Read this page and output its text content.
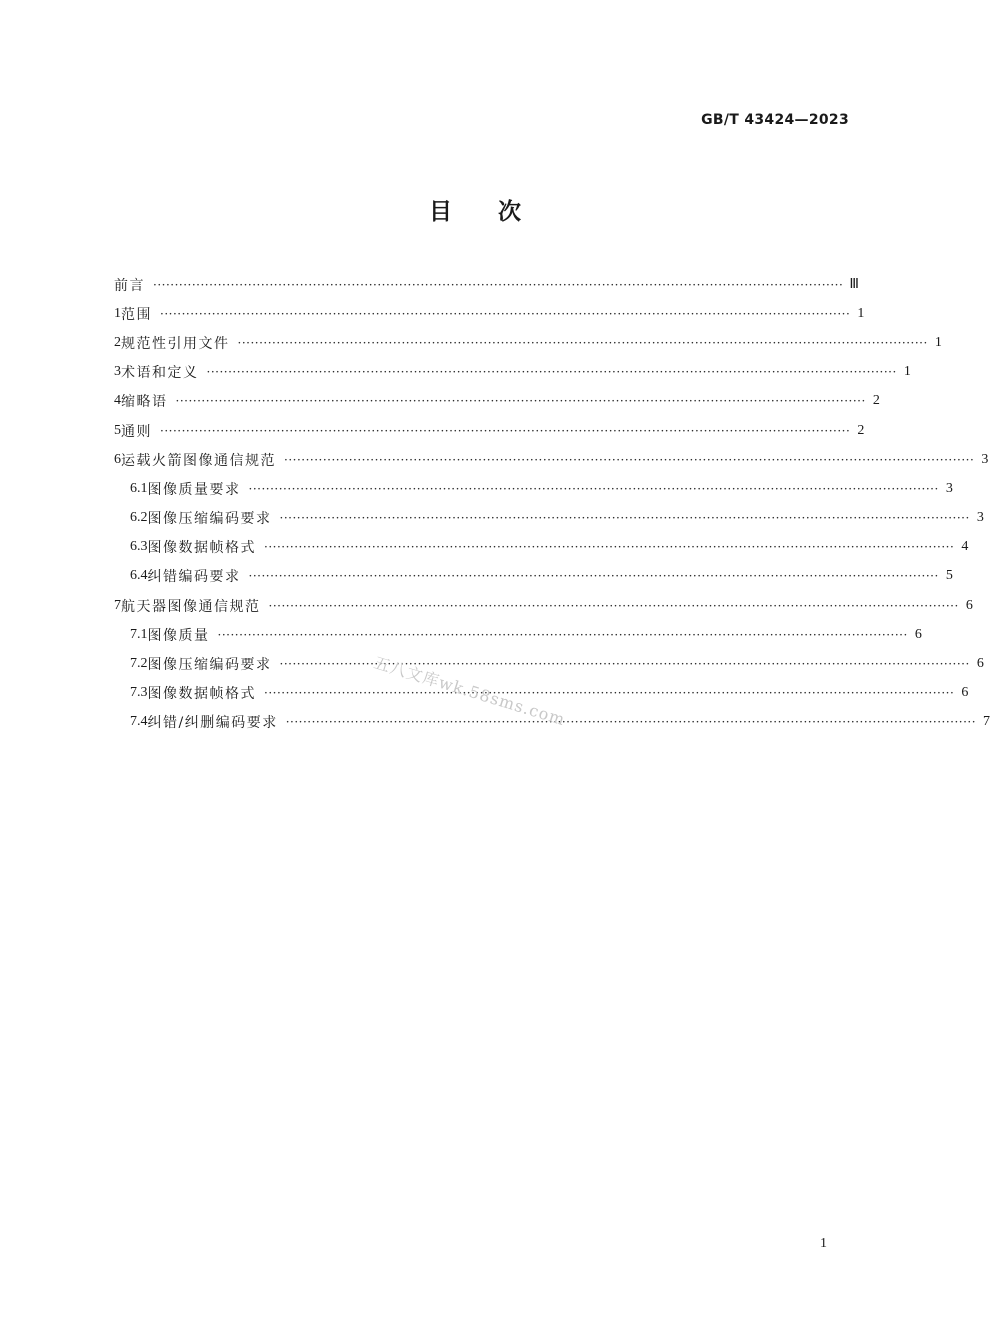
GB/T 43424—2023
目次
前言 ································································································································································ Ⅲ
1 范围 ································································································································································ 1
2 规范性引用文件 ································································································································································ 1
3 术语和定义 ································································································································································ 1
4 缩略语 ································································································································································ 2
5 通则 ································································································································································ 2
6 运载火箭图像通信规范 ································································································································································ 3
6.1 图像质量要求 ································································································································································ 3
6.2 图像压缩编码要求 ································································································································································ 3
6.3 图像数据帧格式 ································································································································································ 4
6.4 纠错编码要求 ································································································································································ 5
7 航天器图像通信规范 ································································································································································ 6
7.1 图像质量 ································································································································································ 6
7.2 图像压缩编码要求 ································································································································································ 6
7.3 图像数据帧格式 ································································································································································ 6
7.4 纠错/纠删编码要求 ································································································································································ 7
五八文库wk.58sms.com
1
